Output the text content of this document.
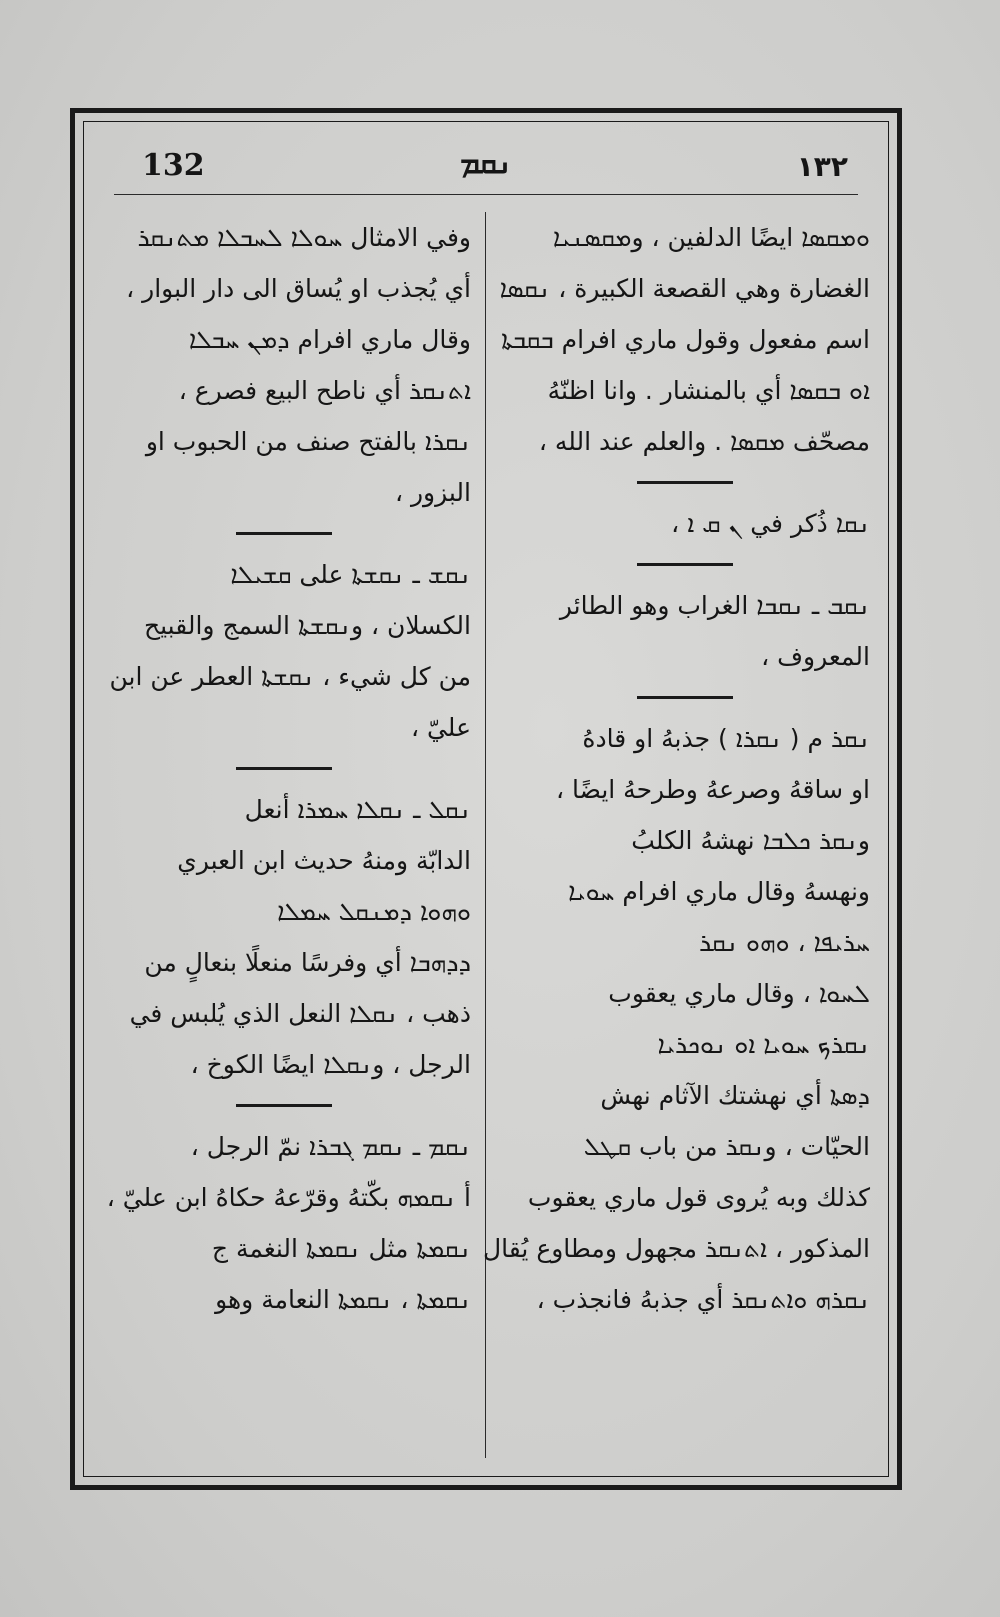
132	ܢܩܡ	١٣٢
ܘܡܩܣܐ ايضًا الدلفين ، وܡܩܣܢܝܐ
الغضارة وهي القصعة الكبيرة ، ܢܩܣܐ
اسم مفعول وقول ماري افرام ܒܩܒܬܐ
ܐܘ ܒܩܣܐ أي بالمنشار . وانا اظنّهُ
مصحّف ܡܩܣܐ . والعلم عند الله ،
ܢܩܐ ذُكر في ܢ ܩ ܐ ،
ܢܩܒ ـ ܢܩܒܐ الغراب وهو الطائر
المعروف ،
ܢܩܪ م ( ܢܩܪܐ ) جذبهُ او قادهُ
او ساقهُ وصرعهُ وطرحهُ ايضًا ،
وܢܩܪ ܟܠܒܐ نهشهُ الكلبُ
ونهسهُ وقال ماري افرام ܚܘܝܐ
ܚܪܝܦܐ ، ܘܗܘ ܢܩܪ
ܠܚܘܐ ، وقال ماري يعقوب
ܢܩܪܟ ܚܘܝܐ ܐܘ ܢܘܟܪܝܐ
ܕܣܬܐ أي نهشتك الآثام نهش
الحيّات ، وܢܩܪ من باب ܩܛܠ
كذلك وبه يُروى قول ماري يعقوب
المذكور ، ܐܬܢܩܪ مجهول ومطاوع يُقال
ܢܩܪܗ ܘܐܬܢܩܪ أي جذبهُ فانجذب ،
وفي الامثال ܚܘܠܐ ܠܚܒܠܐ ܡܬܢܩܪ
أي يُجذب او يُساق الى دار البوار ،
وقال ماري افرام ܕܡܢ ܚܒܠܐ
ܐܬܢܩܪ أي ناطح البيع فصرع ،
ܢܩܪܐ بالفتح صنف من الحبوب او
البزور ،
ܢܩܫ ـ ܢܩܫܬܐ على ܩܫܝܠܐ
الكسلان ، وܢܩܫܬܐ السمج والقبيح
من كل شيء ، ܢܩܫܬܐ العطر عن ابن
عليّ ،
ܢܩܠ ـ ܢܩܠܐ ܚܡܪܐ أنعل
الدابّة ومنهُ حديث ابن العبري
ܘܗܘܐ ܕܡܢܩܠ ܚܡܠܐ
ܕܕܗܒܐ أي وفرسًا منعلًا بنعالٍ من
ذهب ، ܢܩܠܐ النعل الذي يُلبس في
الرجل ، وܢܩܠܐ ايضًا الكوخ ،
ܢܩܡ ـ ܢܩܡ ܓܒܪܐ نمّ الرجل ،
أ ܢܩܡܗ بكّتهُ وقرّعهُ حكاهُ ابن عليّ ،
ܢܩܡܬܐ مثل ܢܩܡܬܐ النغمة ج
ܢܩܡܬܐ ، ܢܩܡܬܐ النعامة وهو
